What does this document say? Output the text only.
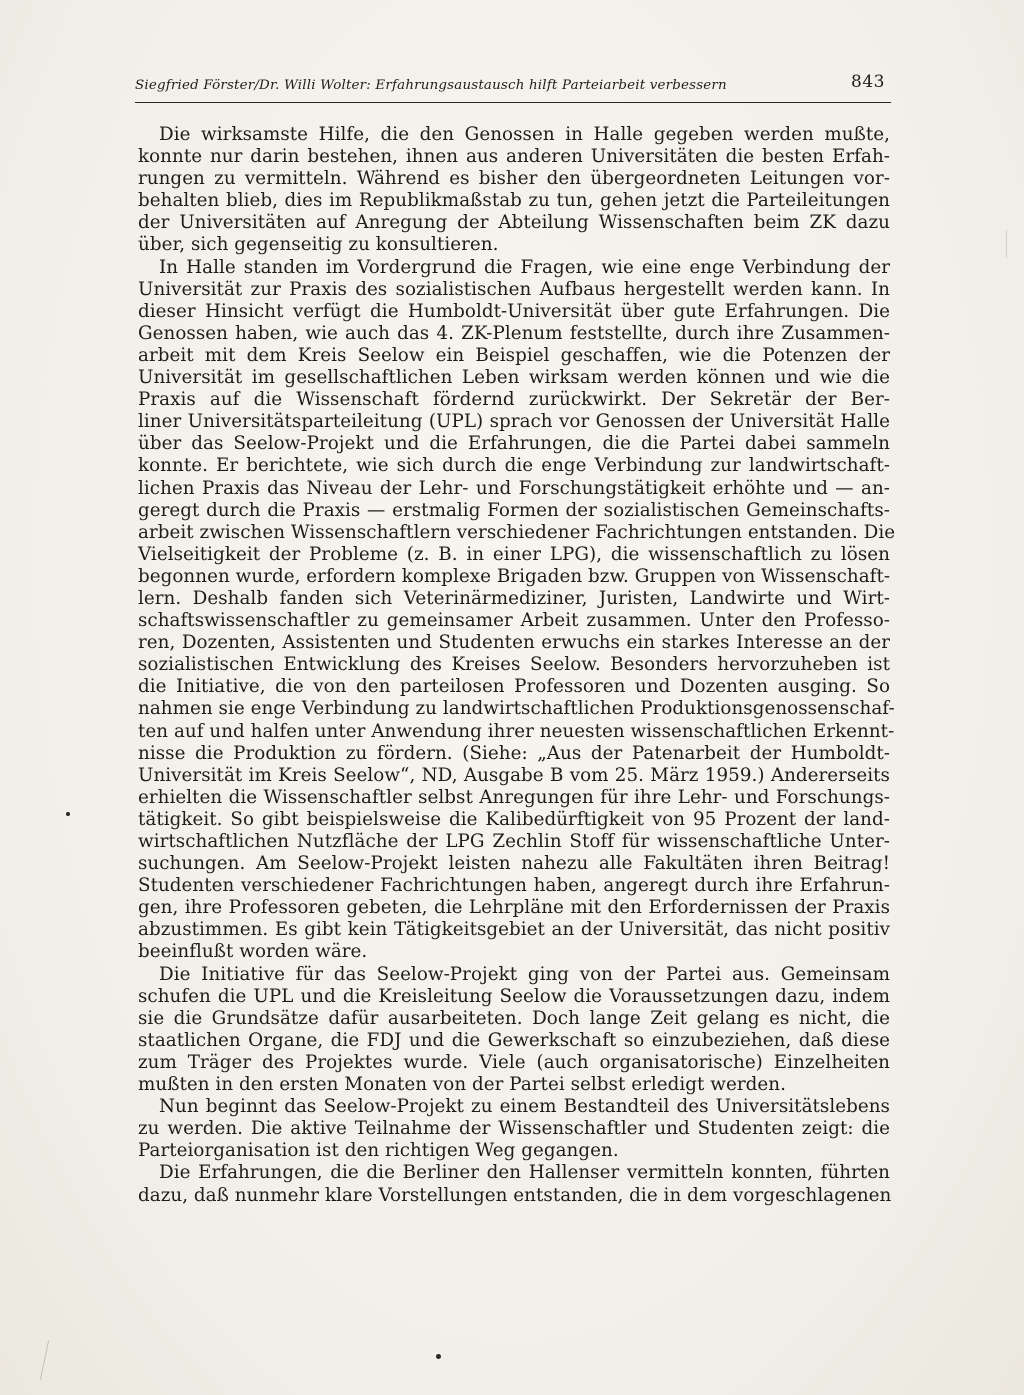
Siegfried Förster/Dr. Willi Wolter: Erfahrungsaustausch hilft Parteiarbeit verbessern	843
Die wirksamste Hilfe, die den Genossen in Halle gegeben werden mußte,
konnte nur darin bestehen, ihnen aus anderen Universitäten die besten Erfah-
rungen zu vermitteln. Während es bisher den übergeordneten Leitungen vor-
behalten blieb, dies im Republikmaßstab zu tun, gehen jetzt die Parteileitungen
der Universitäten auf Anregung der Abteilung Wissenschaften beim ZK dazu
über, sich gegenseitig zu konsultieren.
In Halle standen im Vordergrund die Fragen, wie eine enge Verbindung der
Universität zur Praxis des sozialistischen Aufbaus hergestellt werden kann. In
dieser Hinsicht verfügt die Humboldt-Universität über gute Erfahrungen. Die
Genossen haben, wie auch das 4. ZK-Plenum feststellte, durch ihre Zusammen-
arbeit mit dem Kreis Seelow ein Beispiel geschaffen, wie die Potenzen der
Universität im gesellschaftlichen Leben wirksam werden können und wie die
Praxis auf die Wissenschaft fördernd zurückwirkt. Der Sekretär der Ber-
liner Universitätsparteileitung (UPL) sprach vor Genossen der Universität Halle
über das Seelow-Projekt und die Erfahrungen, die die Partei dabei sammeln
konnte. Er berichtete, wie sich durch die enge Verbindung zur landwirtschaft-
lichen Praxis das Niveau der Lehr- und Forschungstätigkeit erhöhte und — an-
geregt durch die Praxis — erstmalig Formen der sozialistischen Gemeinschafts-
arbeit zwischen Wissenschaftlern verschiedener Fachrichtungen entstanden. Die
Vielseitigkeit der Probleme (z. B. in einer LPG), die wissenschaftlich zu lösen
begonnen wurde, erfordern komplexe Brigaden bzw. Gruppen von Wissenschaft-
lern. Deshalb fanden sich Veterinärmediziner, Juristen, Landwirte und Wirt-
schaftswissenschaftler zu gemeinsamer Arbeit zusammen. Unter den Professo-
ren, Dozenten, Assistenten und Studenten erwuchs ein starkes Interesse an der
sozialistischen Entwicklung des Kreises Seelow. Besonders hervorzuheben ist
die Initiative, die von den parteilosen Professoren und Dozenten ausging. So
nahmen sie enge Verbindung zu landwirtschaftlichen Produktionsgenossenschaf-
ten auf und halfen unter Anwendung ihrer neuesten wissenschaftlichen Erkennt-
nisse die Produktion zu fördern. (Siehe: „Aus der Patenarbeit der Humboldt-
Universität im Kreis Seelow“, ND, Ausgabe B vom 25. März 1959.) Andererseits
erhielten die Wissenschaftler selbst Anregungen für ihre Lehr- und Forschungs-
tätigkeit. So gibt beispielsweise die Kalibedürftigkeit von 95 Prozent der land-
wirtschaftlichen Nutzfläche der LPG Zechlin Stoff für wissenschaftliche Unter-
suchungen. Am Seelow-Projekt leisten nahezu alle Fakultäten ihren Beitrag!
Studenten verschiedener Fachrichtungen haben, angeregt durch ihre Erfahrun-
gen, ihre Professoren gebeten, die Lehrpläne mit den Erfordernissen der Praxis
abzustimmen. Es gibt kein Tätigkeitsgebiet an der Universität, das nicht positiv
beeinflußt worden wäre.
Die Initiative für das Seelow-Projekt ging von der Partei aus. Gemeinsam
schufen die UPL und die Kreisleitung Seelow die Voraussetzungen dazu, indem
sie die Grundsätze dafür ausarbeiteten. Doch lange Zeit gelang es nicht, die
staatlichen Organe, die FDJ und die Gewerkschaft so einzubeziehen, daß diese
zum Träger des Projektes wurde. Viele (auch organisatorische) Einzelheiten
mußten in den ersten Monaten von der Partei selbst erledigt werden.
Nun beginnt das Seelow-Projekt zu einem Bestandteil des Universitätslebens
zu werden. Die aktive Teilnahme der Wissenschaftler und Studenten zeigt: die
Parteiorganisation ist den richtigen Weg gegangen.
Die Erfahrungen, die die Berliner den Hallenser vermitteln konnten, führten
dazu, daß nunmehr klare Vorstellungen entstanden, die in dem vorgeschlagenen
